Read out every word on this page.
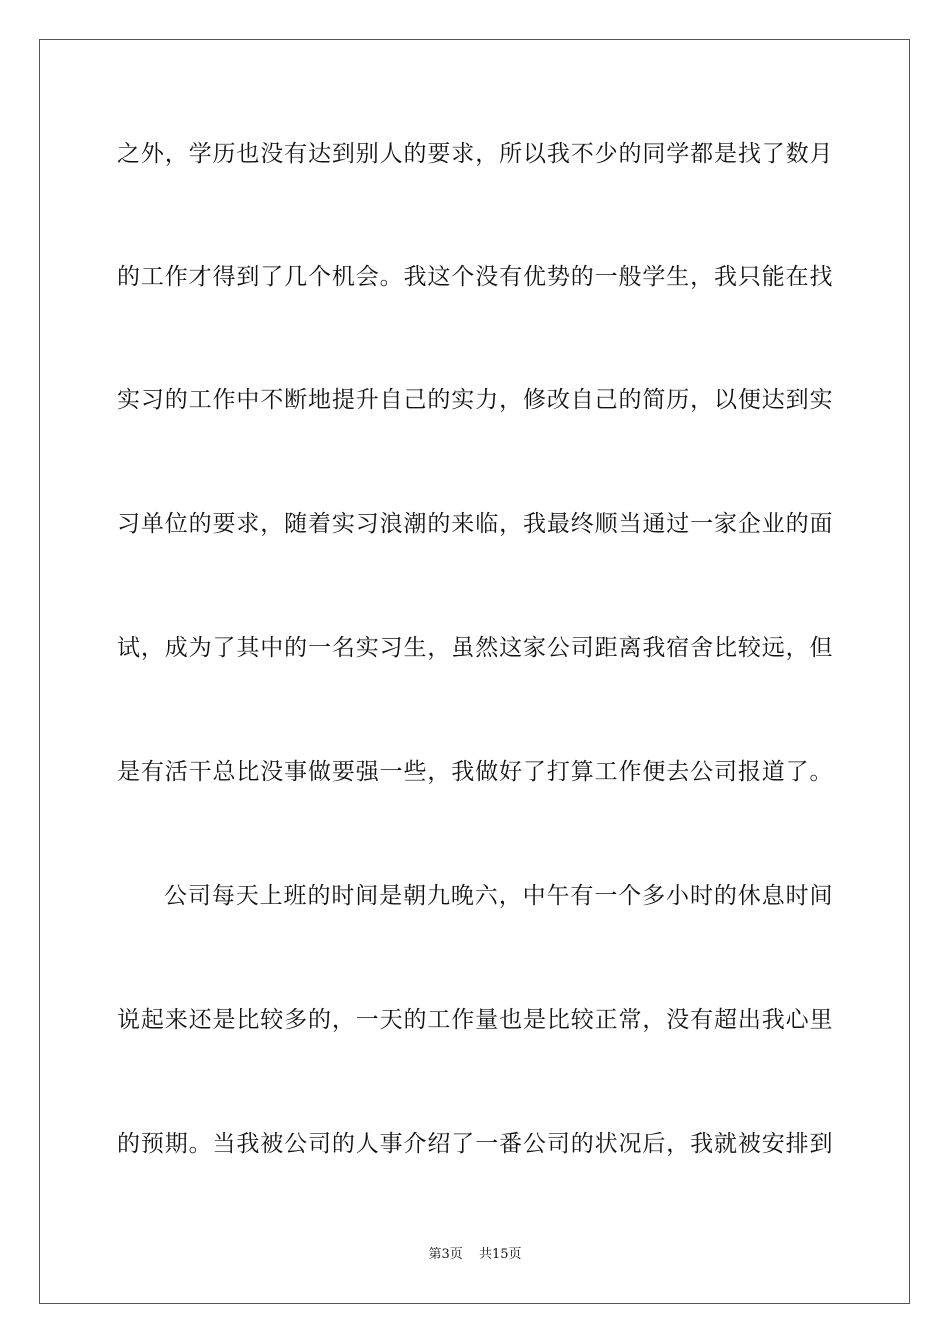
之外，学历也没有达到别人的要求，所以我不少的同学都是找了数月
的工作才得到了几个机会。我这个没有优势的一般学生，我只能在找
实习的工作中不断地提升自己的实力，修改自己的简历，以便达到实
习单位的要求，随着实习浪潮的来临，我最终顺当通过一家企业的面
试，成为了其中的一名实习生，虽然这家公司距离我宿舍比较远，但
是有活干总比没事做要强一些，我做好了打算工作便去公司报道了。
公司每天上班的时间是朝九晚六，中午有一个多小时的休息时间
说起来还是比较多的，一天的工作量也是比较正常，没有超出我心里
的预期。当我被公司的人事介绍了一番公司的状况后，我就被安排到
第3页 共15页
